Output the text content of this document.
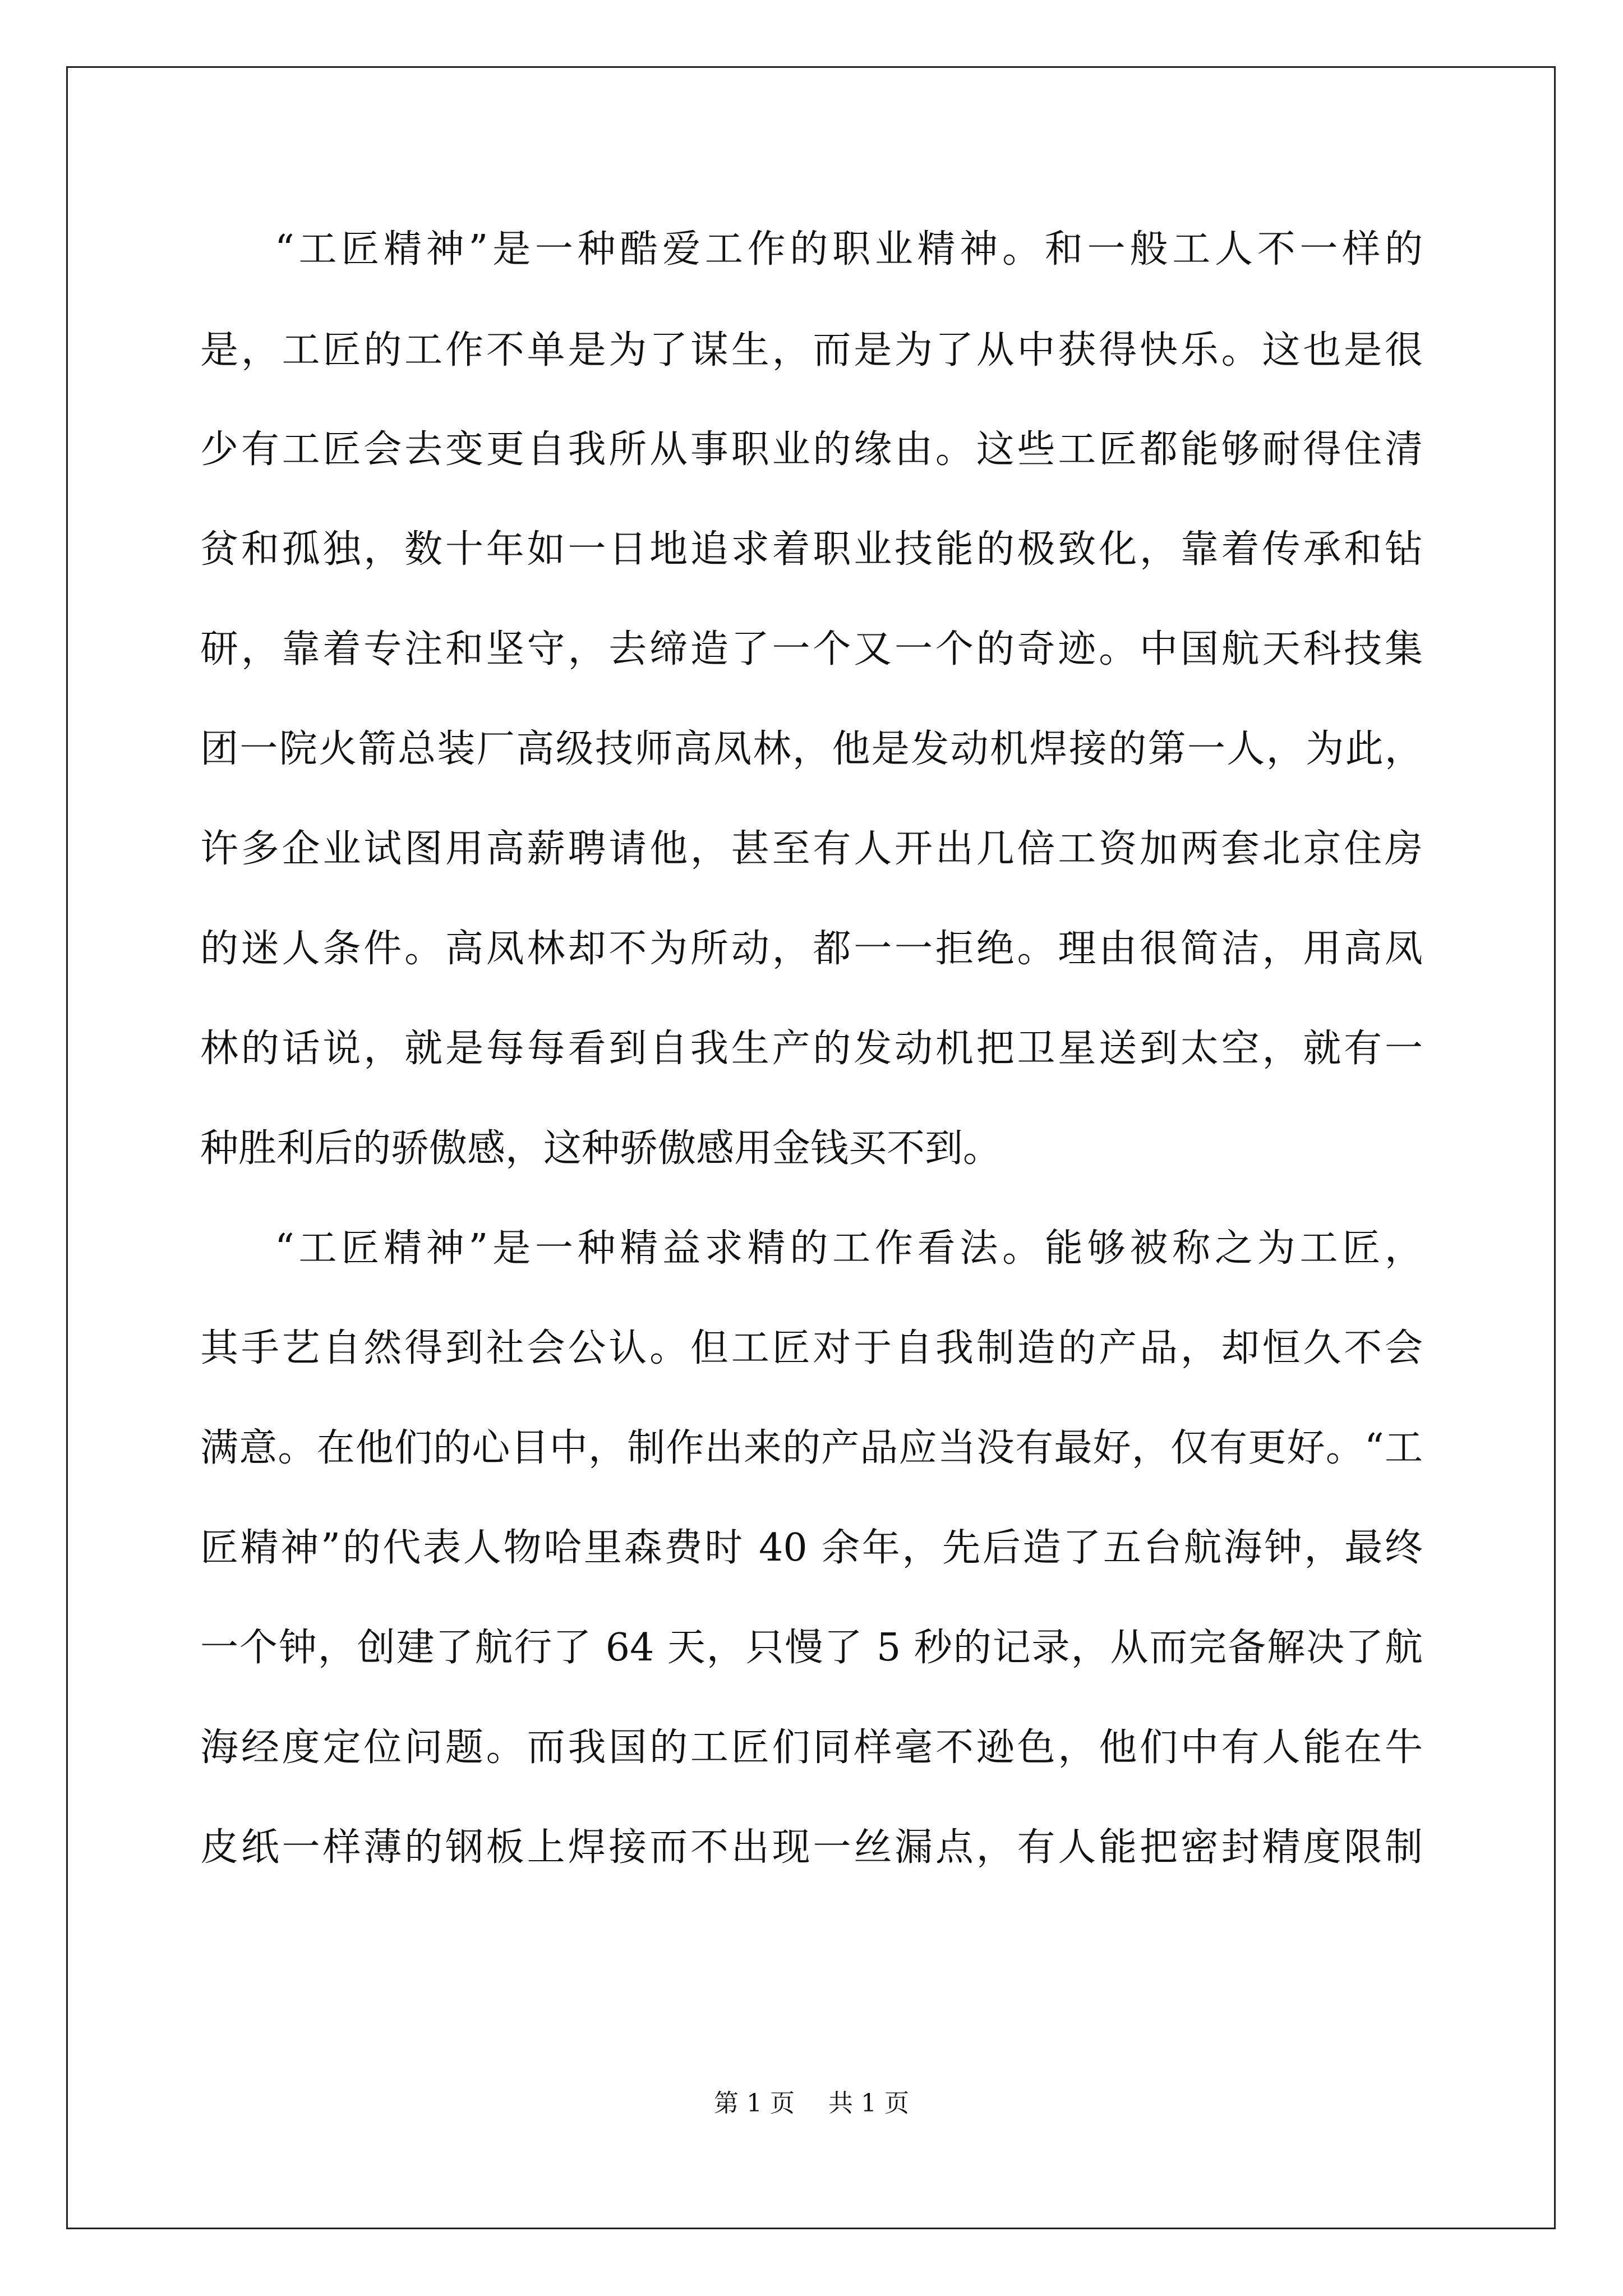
“工匠精神”是一种酷爱工作的职业精神。和一般工人不一样的
是，工匠的工作不单是为了谋生，而是为了从中获得快乐。这也是很
少有工匠会去变更自我所从事职业的缘由。这些工匠都能够耐得住清
贫和孤独，数十年如一日地追求着职业技能的极致化，靠着传承和钻
研，靠着专注和坚守，去缔造了一个又一个的奇迹。中国航天科技集
团一院火箭总装厂高级技师高凤林，他是发动机焊接的第一人，为此，
许多企业试图用高薪聘请他，甚至有人开出几倍工资加两套北京住房
的迷人条件。高凤林却不为所动，都一一拒绝。理由很简洁，用高凤
林的话说，就是每每看到自我生产的发动机把卫星送到太空，就有一
种胜利后的骄傲感，这种骄傲感用金钱买不到。
“工匠精神”是一种精益求精的工作看法。能够被称之为工匠，
其手艺自然得到社会公认。但工匠对于自我制造的产品，却恒久不会
满意。在他们的心目中，制作出来的产品应当没有最好，仅有更好。“工
匠精神”的代表人物哈里森费时 40 余年，先后造了五台航海钟，最终
一个钟，创建了航行了 64 天，只慢了 5 秒的记录，从而完备解决了航
海经度定位问题。而我国的工匠们同样毫不逊色，他们中有人能在牛
皮纸一样薄的钢板上焊接而不出现一丝漏点，有人能把密封精度限制
第 1 页 共 1 页
